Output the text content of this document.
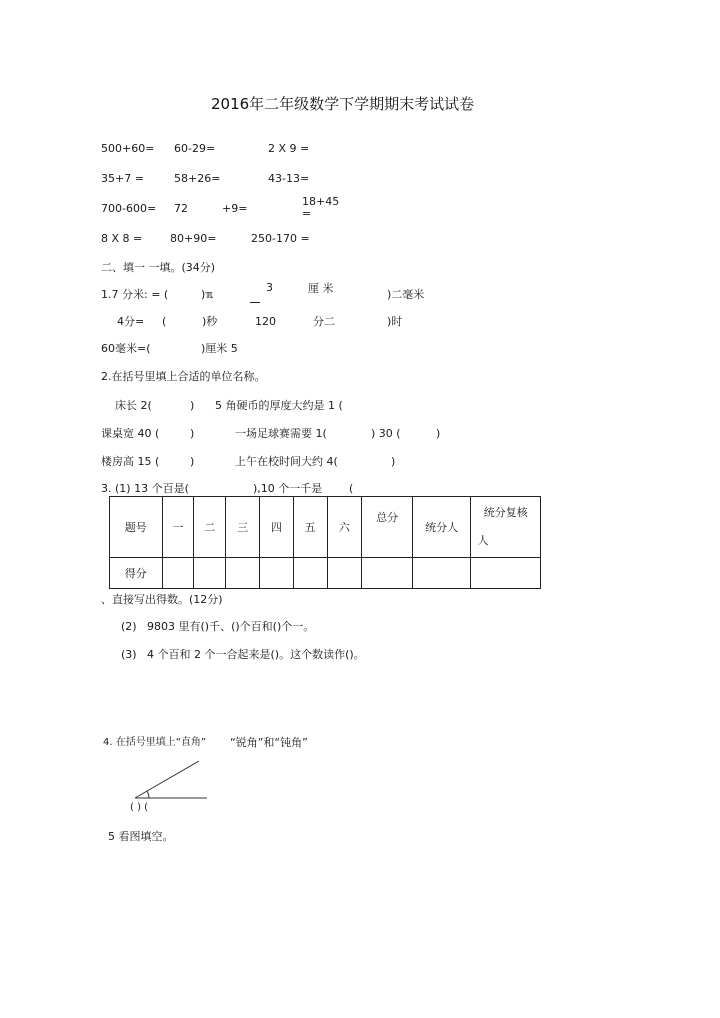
2016年二年级数学下学期期末考试试卷
500+60= 60-29=	2 X 9 =
35+7 =	58+26=	43-13=
700-600= 72	+9=
18+45
=
8 X 8 =	80+90=	250-170 =
二、填一 一填。(34分)
1.7 分米: = (	)ℼ
3	厘 米	)二毫米
4分= (	)秒	120	分二	)时
60毫米=(	)厘米 5
2.在括号里填上合适的单位名称。
床长 2(	) 5 角硬币的厚度大约是 1 (
课桌宽 40 (	)	一场足球赛需要 1(	) 30 (	)
楼房高 15 (	)	上午在校时间大约 4(	)
3. (1) 13 个百是(	),10 个一千是 (
题号	一	二	三	四	五	六	总分	统分人	统分复核
人

得分									
、直接写出得数。(12分)
(2) 9803 里有()千、()个百和()个一。
(3) 4 个百和 2 个一合起来是()。这个数读作()。
4. 在括号里填上“直角” “锐角”和“钝角”
( ) (
5 看图填空。
